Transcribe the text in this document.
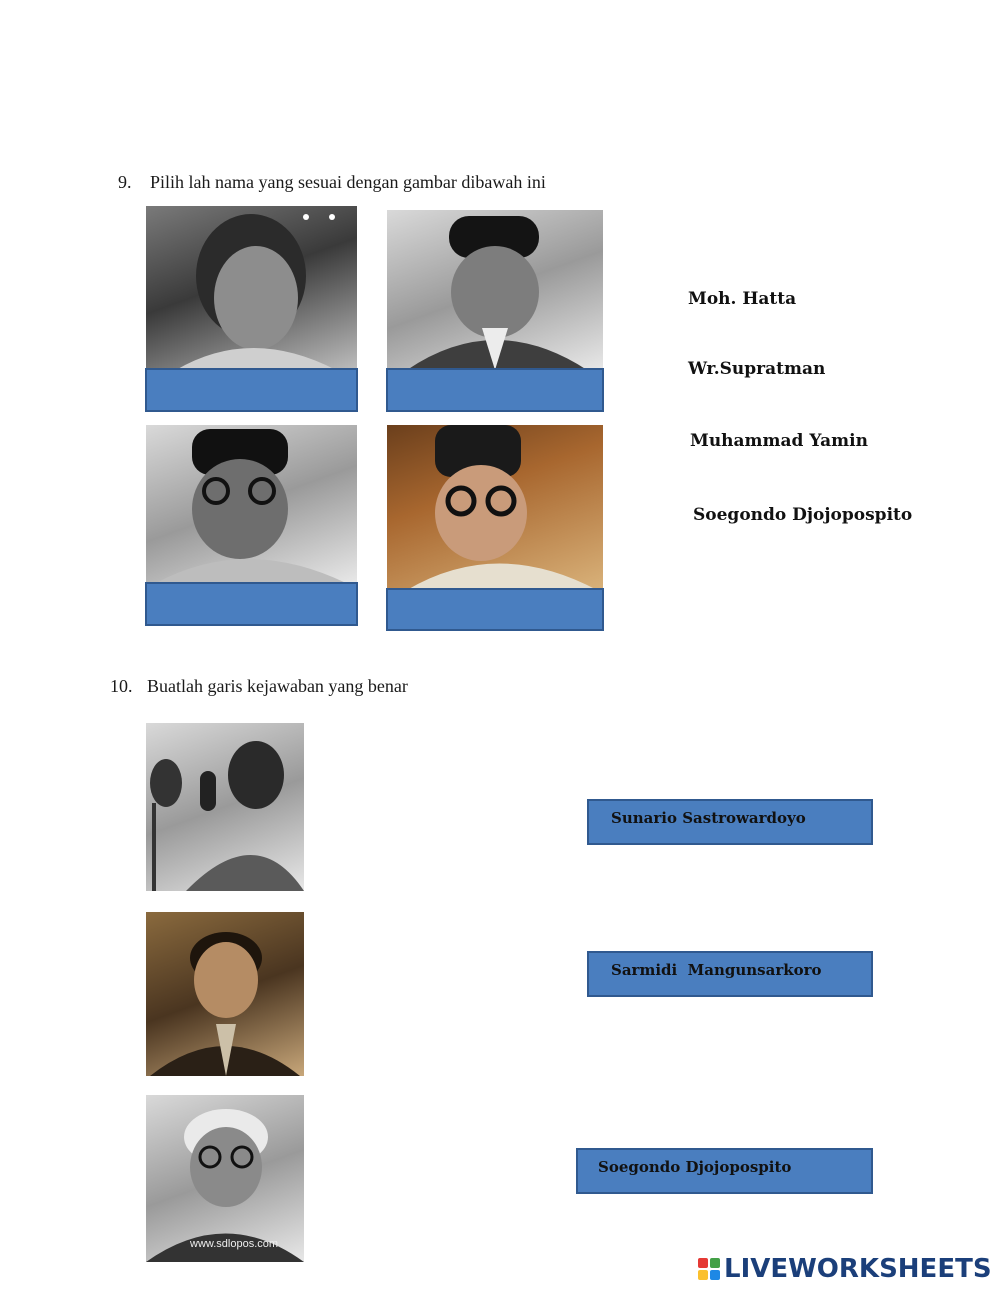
9. Pilih lah nama yang sesuai dengan gambar dibawah ini
Moh. Hatta
Wr.Supratman
Muhammad Yamin
Soegondo Djojopospito
10. Buatlah garis kejawaban yang benar
www.sdlopos.com
Sunario Sastrowardoyo
Sarmidi  Mangunsarkoro
Soegondo Djojopospito
LIVEWORKSHEETS
